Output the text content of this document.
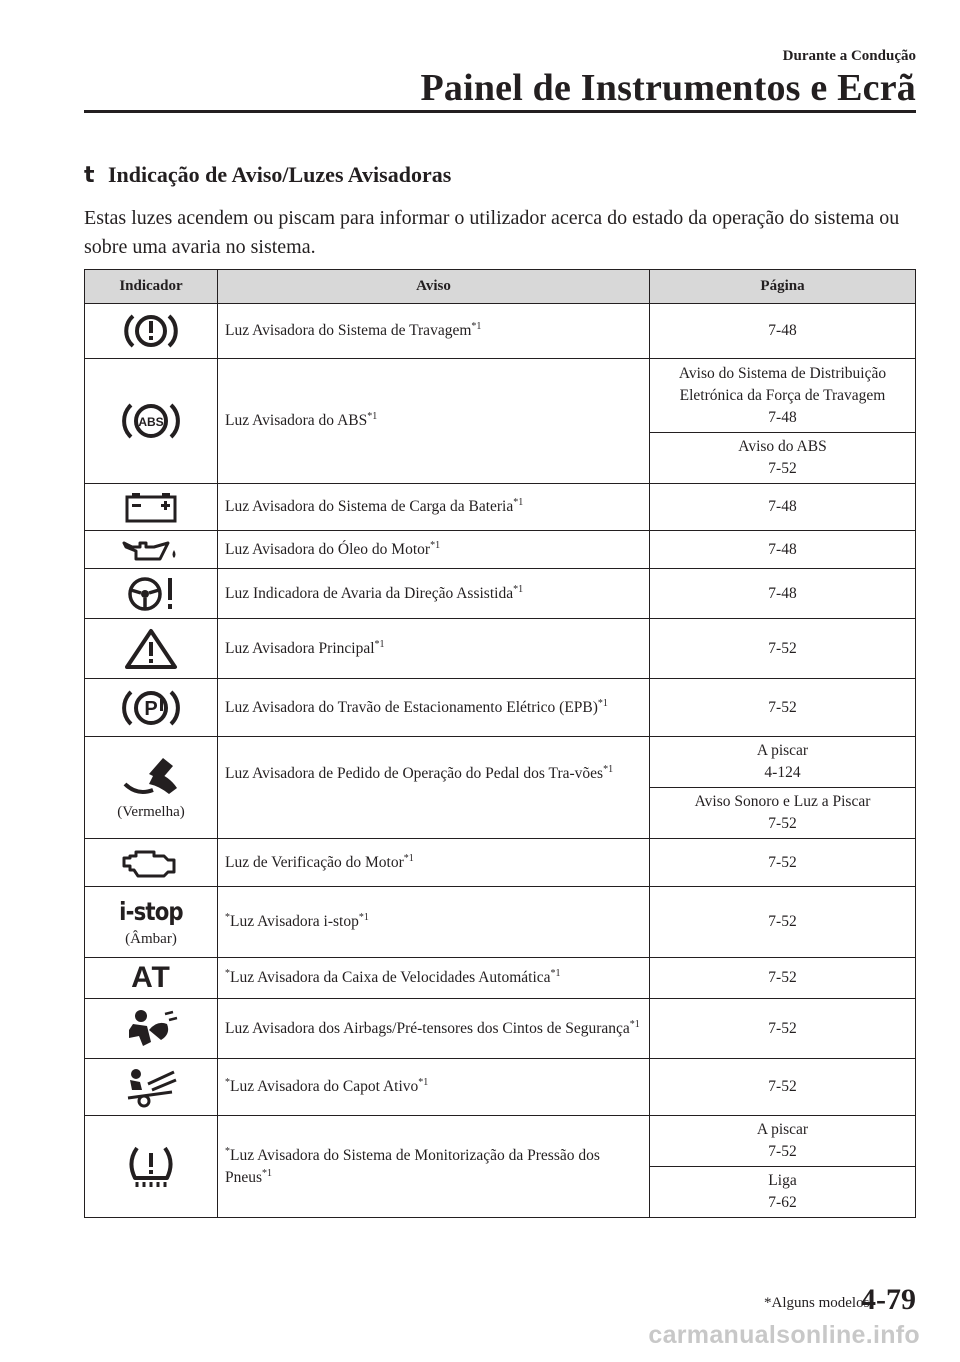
Durante a Condução
Painel de Instrumentos e Ecrã
t Indicação de Aviso/Luzes Avisadoras
Estas luzes acendem ou piscam para informar o utilizador acerca do estado da operação do sistema ou sobre uma avaria no sistema.
Indicador	Aviso	Página

	Luz Avisadora do Sistema de Travagem$^{*1}$	7-48

ABS	Luz Avisadora do ABS$^{*1}$	Aviso do Sistema de Distribuição
Eletrónica da Força de Travagem
7-48

		Aviso do ABS
7-52

	Luz Avisadora do Sistema de Carga da Bateria$^{*1}$	7-48

	Luz Avisadora do Óleo do Motor$^{*1}$	7-48

	Luz Indicadora de Avaria da Direção Assistida$^{*1}$	7-48

	Luz Avisadora Principal$^{*1}$	7-52

P	Luz Avisadora do Travão de Estacionamento Elétrico (EPB)$^{*1}$	7-52

(Vermelha)	Luz Avisadora de Pedido de Operação do Pedal dos Tra-vões$^{*1}$	A piscar
4-124

		Aviso Sonoro e Luz a Piscar
7-52

	Luz de Verificação do Motor$^{*1}$	7-52

i-stop
(Âmbar)	*Luz Avisadora i-stop$^{*1}$	7-52

AT	*Luz Avisadora da Caixa de Velocidades Automática$^{*1}$	7-52

	Luz Avisadora dos Airbags/Pré-tensores dos Cintos de Segurança$^{*1}$	7-52

	*Luz Avisadora do Capot Ativo$^{*1}$	7-52

	*Luz Avisadora do Sistema de Monitorização da Pressão dos Pneus$^{*1}$	A piscar
7-52

		Liga
7-62
*Alguns modelos.
4-79
carmanualsonline.info
